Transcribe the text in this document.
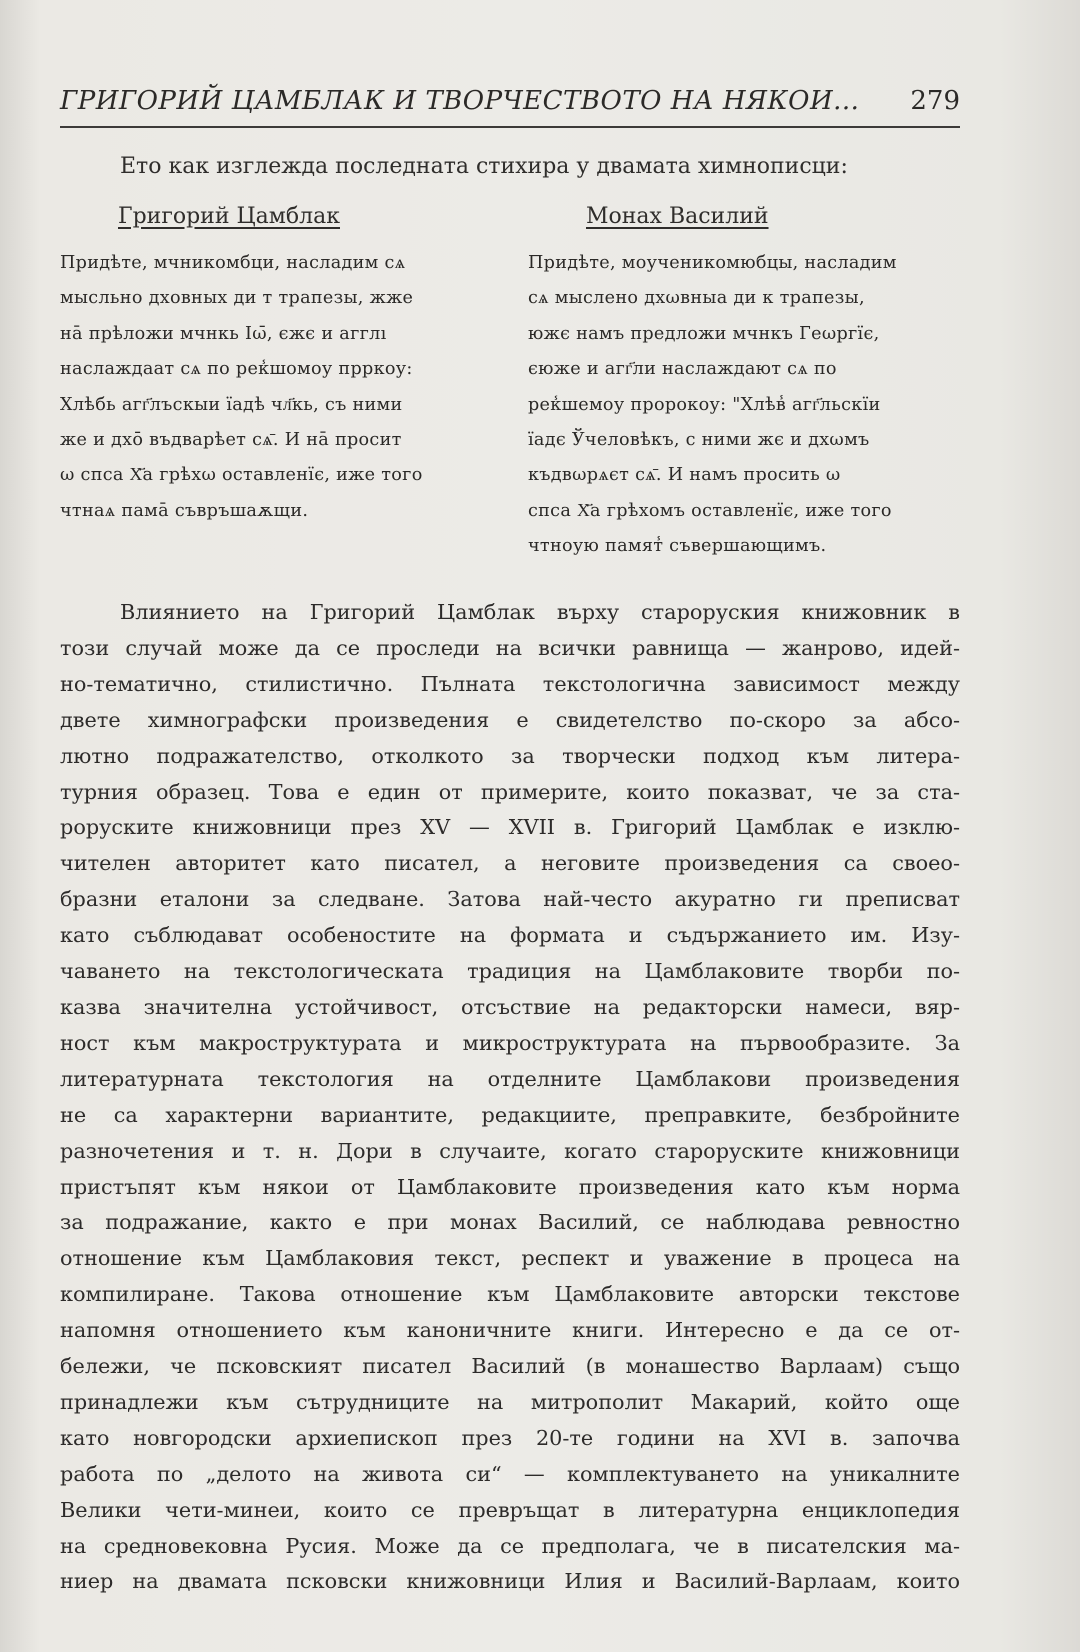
ГРИГОРИЙ ЦАМБЛАК И ТВОРЧЕСТВОТО НА НЯКОИ... 279
Ето как изглежда последната стихира у двамата химнописци:
Григорий Цамблак	Монах Василий
Придѣте, мчникомбци, насладим сѧ
мысльно дховных ди т трапезы, жже
нā прѣложи мчнкь Іω̄, єжє и агглı
наслаждаат сѧ по рек̾шомоу прркоу:
Хлѣбь агг҃лъскыи їадѣ чл҃кь, съ ними
же и дхо̄ въдварѣет сѧ̄. И нā просит
ω спса Х҃а грѣхω оставленїє, иже того
чтнаѧ памā съвръшаѫщи.
Придѣте, моученикомюбцы, насладим
сѧ мыслено дхωвныа ди к трапезы,
южє намъ предложи мчнкъ Геωргїє,
єюже и агг҃ли наслаждают сѧ по
рек̾шемоу пророкоу: "Хлѣв̾ агг҃льскїи
їадє Ўчеловѣкъ, с ними жє и дхωмъ
къдвωрѧєт сѧ̄. И намъ просить ω
спса Х҃а грѣхомъ оставленїє, иже того
чтноую памят̾ съвершающимъ.
Влиянието на Григорий Цамблак върху староруския книжовник в
този случай може да се проследи на всички равнища — жанрово, идей-
но-тематично, стилистично. Пълната текстологична зависимост между
двете химнографски произведения е свидетелство по-скоро за абсо-
лютно подражателство, отколкото за творчески подход към литера-
турния образец. Това е един от примерите, които показват, че за ста-
роруските книжовници през XV — XVII в. Григорий Цамблак е изклю-
чителен авторитет като писател, а неговите произведения са своео-
бразни еталони за следване. Затова най-често акуратно ги преписват
като съблюдават особеностите на формата и съдържанието им. Изу-
чаването на текстологическата традиция на Цамблаковите творби по-
казва значителна устойчивост, отсъствие на редакторски намеси, вяр-
ност към макроструктурата и микроструктурата на първообразите. За
литературната текстология на отделните Цамблакови произведения
не са характерни вариантите, редакциите, преправките, безбройните
разночетения и т. н. Дори в случаите, когато староруските книжовници
пристъпят към някои от Цамблаковите произведения като към норма
за подражание, както е при монах Василий, се наблюдава ревностно
отношение към Цамблаковия текст, респект и уважение в процеса на
компилиране. Такова отношение към Цамблаковите авторски текстове
напомня отношението към каноничните книги. Интересно е да се от-
бележи, че псковският писател Василий (в монашество Варлаам) също
принадлежи към сътрудниците на митрополит Макарий, който още
като новгородски архиепископ през 20-те години на XVI в. започва
работа по „делото на живота си“ — комплектуването на уникалните
Велики чети-минеи, които се превръщат в литературна енциклопедия
на средновековна Русия. Може да се предполага, че в писателския ма-
ниер на двамата псковски книжовници Илия и Василий-Варлаам, които
